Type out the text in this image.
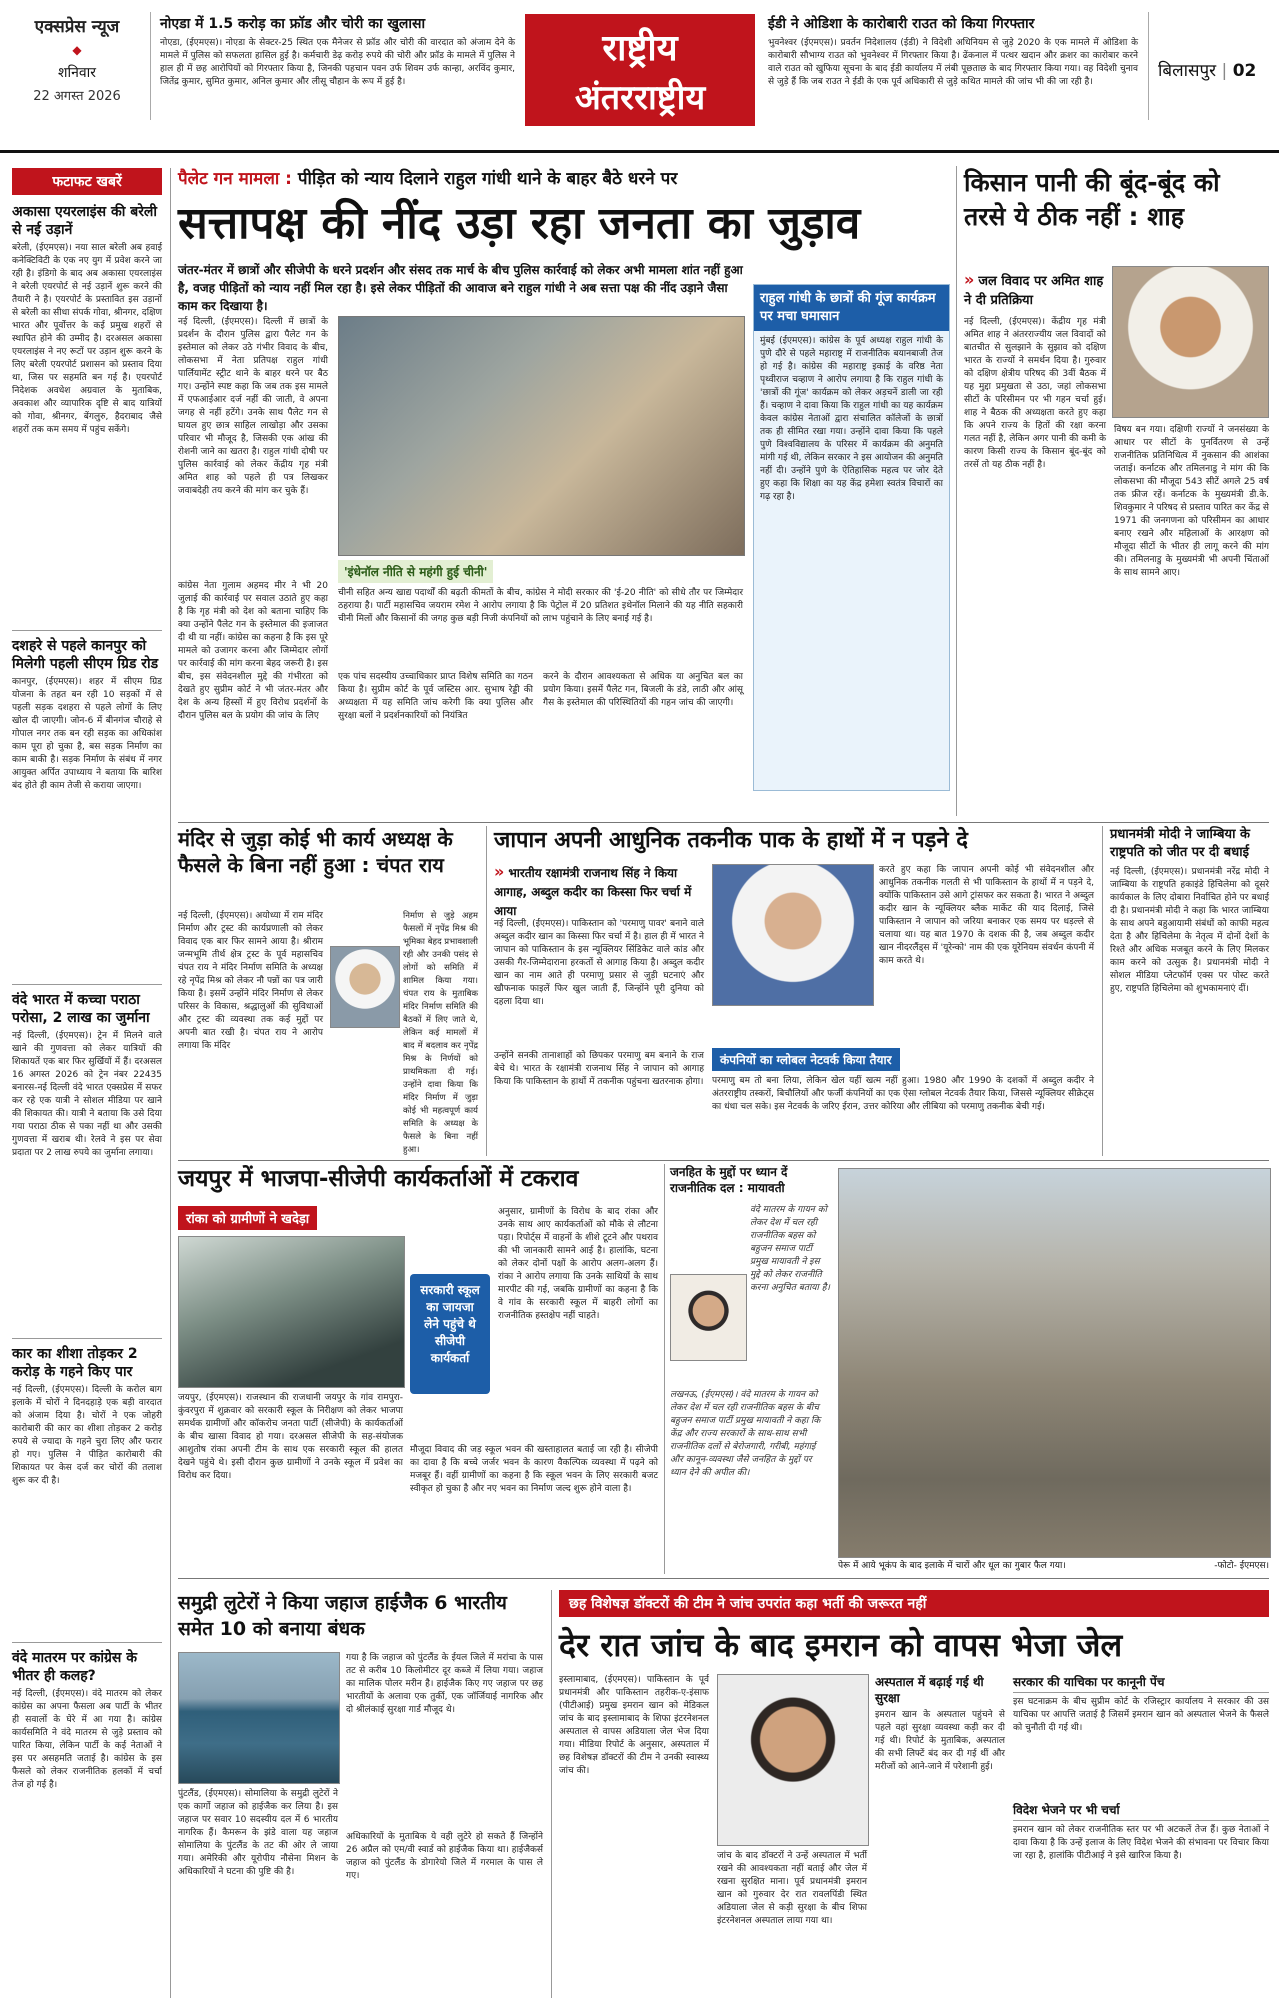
एक्सप्रेस न्यूज
◆
शनिवार
22 अगस्त 2026
नोएडा में 1.5 करोड़ का फ्रॉड और चोरी का खुलासा
नोएडा, (ईएमएस)। नोएडा के सेक्टर-25 स्थित एक मैनेजर से फ्रॉड और चोरी की वारदात को अंजाम देने के मामले में पुलिस को सफलता हासिल हुई है। कर्मचारी डेढ़ करोड़ रुपये की चोरी और फ्रॉड के मामले में पुलिस ने हाल ही में छह आरोपियों को गिरफ्तार किया है, जिनकी पहचान पवन उर्फ शिवम उर्फ कान्हा, अरविंद कुमार, जितेंद्र कुमार, सुमित कुमार, अनिल कुमार और लीसू चौहान के रूप में हुई है।
राष्ट्रीय
अंतरराष्ट्रीय
ईडी ने ओडिशा के कारोबारी राउत को किया गिरफ्तार
भुवनेश्वर (ईएमएस)। प्रवर्तन निदेशालय (ईडी) ने विदेशी अधिनियम से जुड़े 2020 के एक मामले में ओडिशा के कारोबारी सौभाग्य राउत को भुवनेश्वर में गिरफ्तार किया है। ढेंकनाल में पत्थर खदान और क्रशर का कारोबार करने वाले राउत को खुफिया सूचना के बाद ईडी कार्यालय में लंबी पूछताछ के बाद गिरफ्तार किया गया। वह विदेशी चुनाव से जुड़े हैं कि जब राउत ने ईडी के एक पूर्व अधिकारी से जुड़े कथित मामले की जांच भी की जा रही है।
बिलासपुर | 02
फटाफट खबरें
अकासा एयरलाइंस की बरेली से नई उड़ानें
बरेली, (ईएमएस)। नया साल बरेली अब हवाई कनेक्टिविटी के एक नए युग में प्रवेश करने जा रही है। इंडिगो के बाद अब अकासा एयरलाइंस ने बरेली एयरपोर्ट से नई उड़ानें शुरू करने की तैयारी ने है। एयरपोर्ट के प्रस्तावित इस उड़ानों से बरेली का सीधा संपर्क गोवा, श्रीनगर, दक्षिण भारत और पूर्वोत्तर के कई प्रमुख शहरों से स्थापित होने की उम्मीद है। दरअसल अकासा एयरलाइंस ने नए रूटों पर उड़ान शुरू करने के लिए बरेली एयरपोर्ट प्रशासन को प्रस्ताव दिया था, जिस पर सहमति बन गई है। एयरपोर्ट निदेशक अवधेश अग्रवाल के मुताबिक, अवकाश और व्यापारिक दृष्टि से बाद यात्रियों को गोवा, श्रीनगर, बेंगलुरु, हैदराबाद जैसे शहरों तक कम समय में पहुंच सकेंगे।
दशहरे से पहले कानपुर को मिलेगी पहली सीएम ग्रिड रोड
कानपुर, (ईएमएस)। शहर में सीएम ग्रिड योजना के तहत बन रही 10 सड़कों में से पहली सड़क दशहरा से पहले लोगों के लिए खोल दी जाएगी। जोन-6 में बीनगंज चौराहे से गोपाल नगर तक बन रही सड़क का अधिकांश काम पूरा हो चुका है, बस सड़क निर्माण का काम बाकी है। सड़क निर्माण के संबंध में नगर आयुक्त अर्पित उपाध्याय ने बताया कि बारिश बंद होते ही काम तेजी से कराया जाएगा।
वंदे भारत में कच्चा पराठा परोसा, 2 लाख का जुर्माना
नई दिल्ली, (ईएमएस)। ट्रेन में मिलने वाले खाने की गुणवत्ता को लेकर यात्रियों की शिकायतें एक बार फिर सुर्खियों में हैं। दरअसल 16 अगस्त 2026 को ट्रेन नंबर 22435 बनारस-नई दिल्ली वंदे भारत एक्सप्रेस में सफर कर रहे एक यात्री ने सोशल मीडिया पर खाने की शिकायत की। यात्री ने बताया कि उसे दिया गया पराठा ठीक से पका नहीं था और उसकी गुणवत्ता में खराब थी। रेलवे ने इस पर सेवा प्रदाता पर 2 लाख रुपये का जुर्माना लगाया।
कार का शीशा तोड़कर 2 करोड़ के गहने किए पार
नई दिल्ली, (ईएमएस)। दिल्ली के करोल बाग इलाके में चोरों ने दिनदहाड़े एक बड़ी वारदात को अंजाम दिया है। चोरों ने एक जोहरी कारोबारी की कार का शीशा तोड़कर 2 करोड़ रुपये से ज्यादा के गहने चुरा लिए और फरार हो गए। पुलिस ने पीड़ित कारोबारी की शिकायत पर केस दर्ज कर चोरों की तलाश शुरू कर दी है।
वंदे मातरम पर कांग्रेस के भीतर ही कलह?
नई दिल्ली, (ईएमएस)। वंदे मातरम को लेकर कांग्रेस का अपना फैसला अब पार्टी के भीतर ही सवालों के घेरे में आ गया है। कांग्रेस कार्यसमिति ने वंदे मातरम से जुड़े प्रस्ताव को पारित किया, लेकिन पार्टी के कई नेताओं ने इस पर असहमति जताई है। कांग्रेस के इस फैसले को लेकर राजनीतिक हलकों में चर्चा तेज हो गई है।
पैलेट गन मामला : पीड़ित को न्याय दिलाने राहुल गांधी थाने के बाहर बैठे धरने पर
सत्तापक्ष की नींद उड़ा रहा जनता का जुड़ाव
जंतर-मंतर में छात्रों और सीजेपी के धरने प्रदर्शन और संसद तक मार्च के बीच पुलिस कार्रवाई को लेकर अभी मामला शांत नहीं हुआ है, वजह पीड़ितों को न्याय नहीं मिल रहा है। इसे लेकर पीड़ितों की आवाज बने राहुल गांधी ने अब सत्ता पक्ष की नींद उड़ाने जैसा काम कर दिखाया है।
नई दिल्ली, (ईएमएस)। दिल्ली में छात्रों के प्रदर्शन के दौरान पुलिस द्वारा पैलेट गन के इस्तेमाल को लेकर उठे गंभीर विवाद के बीच, लोकसभा में नेता प्रतिपक्ष राहुल गांधी पार्लियामेंट स्ट्रीट थाने के बाहर धरने पर बैठ गए। उन्होंने स्पष्ट कहा कि जब तक इस मामले में एफआईआर दर्ज नहीं की जाती, वे अपना जगह से नहीं हटेंगे। उनके साथ पैलेट गन से घायल हुए छात्र साहिल लाखोड़ा और उसका परिवार भी मौजूद है, जिसकी एक आंख की रोशनी जाने का खतरा है। राहुल गांधी दोषी पर पुलिस कार्रवाई को लेकर केंद्रीय गृह मंत्री अमित शाह को पहले ही पत्र लिखकर जवाबदेही तय करने की मांग कर चुके हैं।
कांग्रेस नेता गुलाम अहमद मीर ने भी 20 जुलाई की कार्रवाई पर सवाल उठाते हुए कहा है कि गृह मंत्री को देश को बताना चाहिए कि क्या उन्होंने पैलेट गन के इस्तेमाल की इजाजत दी थी या नहीं। कांग्रेस का कहना है कि इस पूरे मामले को उजागर करना और जिम्मेदार लोगों पर कार्रवाई की मांग करना बेहद जरूरी है। इस बीच, इस संवेदनशील मुद्दे की गंभीरता को देखते हुए सुप्रीम कोर्ट ने भी जंतर-मंतर और देश के अन्य हिस्सों में हुए विरोध प्रदर्शनों के दौरान पुलिस बल के प्रयोग की जांच के लिए
'इंधेनॉल नीति से महंगी हुई चीनी'
चीनी सहित अन्य खाद्य पदार्थों की बढ़ती कीमतों के बीच, कांग्रेस ने मोदी सरकार की 'ई-20 नीति' को सीधे तौर पर जिम्मेदार ठहराया है। पार्टी महासचिव जयराम रमेश ने आरोप लगाया है कि पेट्रोल में 20 प्रतिशत इथेनॉल मिलाने की यह नीति सहकारी चीनी मिलों और किसानों की जगह कुछ बड़ी निजी कंपनियों को लाभ पहुंचाने के लिए बनाई गई है।
एक पांच सदस्यीय उच्चाधिकार प्राप्त विशेष समिति का गठन किया है। सुप्रीम कोर्ट के पूर्व जस्टिस आर. सुभाष रेड्डी की अध्यक्षता में यह समिति जांच करेगी कि क्या पुलिस और सुरक्षा बलों ने प्रदर्शनकारियों को नियंत्रित
करने के दौरान आवश्यकता से अधिक या अनुचित बल का प्रयोग किया। इसमें पैलेट गन, बिजली के डंडे, लाठी और आंसू गैस के इस्तेमाल की परिस्थितियों की गहन जांच की जाएगी।
राहुल गांधी के छात्रों की गूंज कार्यक्रम पर मचा घमासान
मुंबई (ईएमएस)। कांग्रेस के पूर्व अध्यक्ष राहुल गांधी के पुणे दौरे से पहले महाराष्ट्र में राजनीतिक बयानबाजी तेज हो गई है। कांग्रेस की महाराष्ट्र इकाई के वरिष्ठ नेता पृथ्वीराज चव्हाण ने आरोप लगाया है कि राहुल गांधी के 'छात्रों की गूंज' कार्यक्रम को लेकर अड़चनें डाली जा रही हैं। चव्हाण ने दावा किया कि राहुल गांधी का यह कार्यक्रम केवल कांग्रेस नेताओं द्वारा संचालित कॉलेजों के छात्रों तक ही सीमित रखा गया। उन्होंने दावा किया कि पहले पुणे विश्वविद्यालय के परिसर में कार्यक्रम की अनुमति मांगी गई थी, लेकिन सरकार ने इस आयोजन की अनुमति नहीं दी। उन्होंने पुणे के ऐतिहासिक महत्व पर जोर देते हुए कहा कि शिक्षा का यह केंद्र हमेशा स्वतंत्र विचारों का गढ़ रहा है।
किसान पानी की बूंद-बूंद को तरसे ये ठीक नहीं : शाह
» जल विवाद पर अमित शाह ने दी प्रतिक्रिया
नई दिल्ली, (ईएमएस)। केंद्रीय गृह मंत्री अमित शाह ने अंतरराज्यीय जल विवादों को बातचीत से सुलझाने के सुझाव को दक्षिण भारत के राज्यों ने समर्थन दिया है। गुरुवार को दक्षिण क्षेत्रीय परिषद की 3वीं बैठक में यह मुद्दा प्रमुखता से उठा, जहां लोकसभा सीटों के परिसीमन पर भी गहन चर्चा हुई। शाह ने बैठक की अध्यक्षता करते हुए कहा कि अपने राज्य के हितों की रक्षा करना गलत नहीं है, लेकिन अगर पानी की कमी के कारण किसी राज्य के किसान बूंद-बूंद को तरसें तो यह ठीक नहीं है।
विषय बन गया। दक्षिणी राज्यों ने जनसंख्या के आधार पर सीटों के पुनर्वितरण से उन्हें राजनीतिक प्रतिनिधित्व में नुकसान की आशंका जताई। कर्नाटक और तमिलनाडु ने मांग की कि लोकसभा की मौजूदा 543 सीटें अगले 25 वर्ष तक फ्रीज रहें। कर्नाटक के मुख्यमंत्री डी.के. शिवकुमार ने परिषद से प्रस्ताव पारित कर केंद्र से 1971 की जनगणना को परिसीमन का आधार बनाए रखने और महिलाओं के आरक्षण को मौजूदा सीटों के भीतर ही लागू करने की मांग की। तमिलनाडु के मुख्यमंत्री भी अपनी चिंताओं के साथ सामने आए।
मंदिर से जुड़ा कोई भी कार्य अध्यक्ष के फैसले के बिना नहीं हुआ : चंपत राय
नई दिल्ली, (ईएमएस)। अयोध्या में राम मंदिर निर्माण और ट्रस्ट की कार्यप्रणाली को लेकर विवाद एक बार फिर सामने आया है। श्रीराम जन्मभूमि तीर्थ क्षेत्र ट्रस्ट के पूर्व महासचिव चंपत राय ने मंदिर निर्माण समिति के अध्यक्ष रहे नृपेंद्र मिश्र को लेकर नौ पन्नों का पत्र जारी किया है। इसमें उन्होंने मंदिर निर्माण से लेकर परिसर के विकास, श्रद्धालुओं की सुविधाओं और ट्रस्ट की व्यवस्था तक कई मुद्दों पर अपनी बात रखी है। चंपत राय ने आरोप लगाया कि मंदिर
निर्माण से जुड़े अहम फैसलों में नृपेंद्र मिश्र की भूमिका बेहद प्रभावशाली रही और उनकी पसंद से लोगों को समिति में शामिल किया गया। चंपत राय के मुताबिक मंदिर निर्माण समिति की बैठकों में लिए जाते थे, लेकिन कई मामलों में बाद में बदलाव कर नृपेंद्र मिश्र के निर्णयों को प्राथमिकता दी गई। उन्होंने दावा किया कि मंदिर निर्माण में जुड़ा कोई भी महत्वपूर्ण कार्य समिति के अध्यक्ष के फैसले के बिना नहीं हुआ।
जापान अपनी आधुनिक तकनीक पाक के हाथों में न पड़ने दे
» भारतीय रक्षामंत्री राजनाथ सिंह ने किया आगाह, अब्दुल कदीर का किस्सा फिर चर्चा में आया
नई दिल्ली, (ईएमएस)। पाकिस्तान को 'परमाणु पावर' बनाने वाले अब्दुल कदीर खान का किस्सा फिर चर्चा में है। हाल ही में भारत ने जापान को पाकिस्तान के इस न्यूक्लियर सिंडिकेट वाले कांड और उसकी गैर-जिम्मेदाराना हरकतों से आगाह किया है। अब्दुल कदीर खान का नाम आते ही परमाणु प्रसार से जुड़ी घटनाएं और खौफनाक फाइलें फिर खुल जाती हैं, जिन्होंने पूरी दुनिया को दहला दिया था।
उन्होंने सनकी तानाशाहों को छिपकर परमाणु बम बनाने के राज बेचे थे। भारत के रक्षामंत्री राजनाथ सिंह ने जापान को आगाह किया कि पाकिस्तान के हाथों में तकनीक पहुंचना खतरनाक होगा।
करते हुए कहा कि जापान अपनी कोई भी संवेदनशील और आधुनिक तकनीक गलती से भी पाकिस्तान के हाथों में न पड़ने दे, क्योंकि पाकिस्तान उसे आगे ट्रांसफर कर सकता है। भारत ने अब्दुल कदीर खान के न्यूक्लियर ब्लैक मार्केट की याद दिलाई, जिसे पाकिस्तान ने जापान को जरिया बनाकर एक समय पर धड़ल्ले से चलाया था। यह बात 1970 के दशक की है, जब अब्दुल कदीर खान नीदरलैंड्स में 'यूरेन्को' नाम की एक यूरेनियम संवर्धन कंपनी में काम करते थे।
कंपनियों का ग्लोबल नेटवर्क किया तैयार
परमाणु बम तो बना लिया, लेकिन खेल यहीं खत्म नहीं हुआ। 1980 और 1990 के दशकों में अब्दुल कदीर ने अंतरराष्ट्रीय तस्करों, बिचौलियों और फर्जी कंपनियों का एक ऐसा ग्लोबल नेटवर्क तैयार किया, जिससे न्यूक्लियर सीक्रेट्स का धंधा चल सके। इस नेटवर्क के जरिए ईरान, उत्तर कोरिया और लीबिया को परमाणु तकनीक बेची गई।
प्रधानमंत्री मोदी ने जाम्बिया के राष्ट्रपति को जीत पर दी बधाई
नई दिल्ली, (ईएमएस)। प्रधानमंत्री नरेंद्र मोदी ने जाम्बिया के राष्ट्रपति हकाइंडे हिचिलेमा को दूसरे कार्यकाल के लिए दोबारा निर्वाचित होने पर बधाई दी है। प्रधानमंत्री मोदी ने कहा कि भारत जाम्बिया के साथ अपने बहुआयामी संबंधों को काफी महत्व देता है और हिचिलेमा के नेतृत्व में दोनों देशों के रिश्ते और अधिक मजबूत करने के लिए मिलकर काम करने को उत्सुक है। प्रधानमंत्री मोदी ने सोशल मीडिया प्लेटफॉर्म एक्स पर पोस्ट करते हुए, राष्ट्रपति हिचिलेमा को शुभकामनाएं दीं।
जयपुर में भाजपा-सीजेपी कार्यकर्ताओं में टकराव
रांका को ग्रामीणों ने खदेड़ा
जयपुर, (ईएमएस)। राजस्थान की राजधानी जयपुर के गांव रामपुरा-कुंवरपुरा में शुक्रवार को सरकारी स्कूल के निरीक्षण को लेकर भाजपा समर्थक ग्रामीणों और कॉकरोच जनता पार्टी (सीजेपी) के कार्यकर्ताओं के बीच खासा विवाद हो गया। दरअसल सीजेपी के सह-संयोजक आशुतोष रांका अपनी टीम के साथ एक सरकारी स्कूल की हालत देखने पहुंचे थे। इसी दौरान कुछ ग्रामीणों ने उनके स्कूल में प्रवेश का विरोध कर दिया।
सरकारी स्कूल का जायजा लेने पहुंचे थे सीजेपी कार्यकर्ता
अनुसार, ग्रामीणों के विरोध के बाद रांका और उनके साथ आए कार्यकर्ताओं को मौके से लौटना पड़ा। रिपोर्ट्स में वाहनों के शीशे टूटने और पथराव की भी जानकारी सामने आई है। हालांकि, घटना को लेकर दोनों पक्षों के आरोप अलग-अलग हैं। रांका ने आरोप लगाया कि उनके साथियों के साथ मारपीट की गई, जबकि ग्रामीणों का कहना है कि वे गांव के सरकारी स्कूल में बाहरी लोगों का राजनीतिक हस्तक्षेप नहीं चाहते।
मौजूदा विवाद की जड़ स्कूल भवन की खस्ताहालत बताई जा रही है। सीजेपी का दावा है कि बच्चे जर्जर भवन के कारण वैकल्पिक व्यवस्था में पढ़ने को मजबूर हैं। वहीं ग्रामीणों का कहना है कि स्कूल भवन के लिए सरकारी बजट स्वीकृत हो चुका है और नए भवन का निर्माण जल्द शुरू होने वाला है।
जनहित के मुद्दों पर ध्यान दें राजनीतिक दल : मायावती
वंदे मातरम के गायन को लेकर देश में चल रही राजनीतिक बहस को बहुजन समाज पार्टी प्रमुख मायावती ने इस मुद्दे को लेकर राजनीति करना अनुचित बताया है।
लखनऊ, (ईएमएस)। वंदे मातरम के गायन को लेकर देश में चल रही राजनीतिक बहस के बीच बहुजन समाज पार्टी प्रमुख मायावती ने कहा कि केंद्र और राज्य सरकारों के साथ-साथ सभी राजनीतिक दलों से बेरोजगारी, गरीबी, महंगाई और कानून-व्यवस्था जैसे जनहित के मुद्दों पर ध्यान देने की अपील की।
पेरू में आये भूकंप के बाद इलाके में चारों और धूल का गुबार फैल गया।	-फोटो- ईएमएस।
समुद्री लुटेरों ने किया जहाज हाईजैक 6 भारतीय समेत 10 को बनाया बंधक
पुंटलैंड, (ईएमएस)। सोमालिया के समुद्री लुटेरों ने एक कार्गो जहाज को हाईजैक कर लिया है। इस जहाज पर सवार 10 सदस्यीय दल में 6 भारतीय नागरिक हैं। कैमरून के झंडे वाला यह जहाज सोमालिया के पुंटलैंड के तट की ओर ले जाया गया। अमेरिकी और यूरोपीय नौसेना मिशन के अधिकारियों ने घटना की पुष्टि की है।
गया है कि जहाज को पुंटलैंड के ईयल जिले में मरांचा के पास तट से करीब 10 किलोमीटर दूर कब्जे में लिया गया। जहाज का मालिक पोलर मरीन है। हाईजैक किए गए जहाज पर छह भारतीयों के अलावा एक तुर्की, एक जॉर्जियाई नागरिक और दो श्रीलंकाई सुरक्षा गार्ड मौजूद थे।
अधिकारियों के मुताबिक ये वही लुटेरे हो सकते हैं जिन्होंने 26 अप्रैल को एम/वी स्वार्ड को हाईजैक किया था। हाईजैकर्स जहाज को पुंटलैंड के डोगारेयो जिले में गरमाल के पास ले गए।
छह विशेषज्ञ डॉक्टरों की टीम ने जांच उपरांत कहा भर्ती की जरूरत नहीं
देर रात जांच के बाद इमरान को वापस भेजा जेल
इस्लामाबाद, (ईएमएस)। पाकिस्तान के पूर्व प्रधानमंत्री और पाकिस्तान तहरीक-ए-इंसाफ (पीटीआई) प्रमुख इमरान खान को मेडिकल जांच के बाद इस्लामाबाद के शिफा इंटरनेशनल अस्पताल से वापस अडियाला जेल भेज दिया गया। मीडिया रिपोर्ट के अनुसार, अस्पताल में छह विशेषज्ञ डॉक्टरों की टीम ने उनकी स्वास्थ्य जांच की।
जांच के बाद डॉक्टरों ने उन्हें अस्पताल में भर्ती रखने की आवश्यकता नहीं बताई और जेल में रखना सुरक्षित माना। पूर्व प्रधानमंत्री इमरान खान को गुरुवार देर रात रावलपिंडी स्थित अडियाला जेल से कड़ी सुरक्षा के बीच शिफा इंटरनेशनल अस्पताल लाया गया था।
अस्पताल में बढ़ाई गई थी सुरक्षा
इमरान खान के अस्पताल पहुंचने से पहले वहां सुरक्षा व्यवस्था कड़ी कर दी गई थी। रिपोर्ट के मुताबिक, अस्पताल की सभी लिफ्टें बंद कर दी गई थीं और मरीजों को आने-जाने में परेशानी हुई।
सरकार की याचिका पर कानूनी पेंच
इस घटनाक्रम के बीच सुप्रीम कोर्ट के रजिस्ट्रार कार्यालय ने सरकार की उस याचिका पर आपत्ति जताई है जिसमें इमरान खान को अस्पताल भेजने के फैसले को चुनौती दी गई थी।
विदेश भेजने पर भी चर्चा
इमरान खान को लेकर राजनीतिक स्तर पर भी अटकलें तेज हैं। कुछ नेताओं ने दावा किया है कि उन्हें इलाज के लिए विदेश भेजने की संभावना पर विचार किया जा रहा है, हालांकि पीटीआई ने इसे खारिज किया है।
